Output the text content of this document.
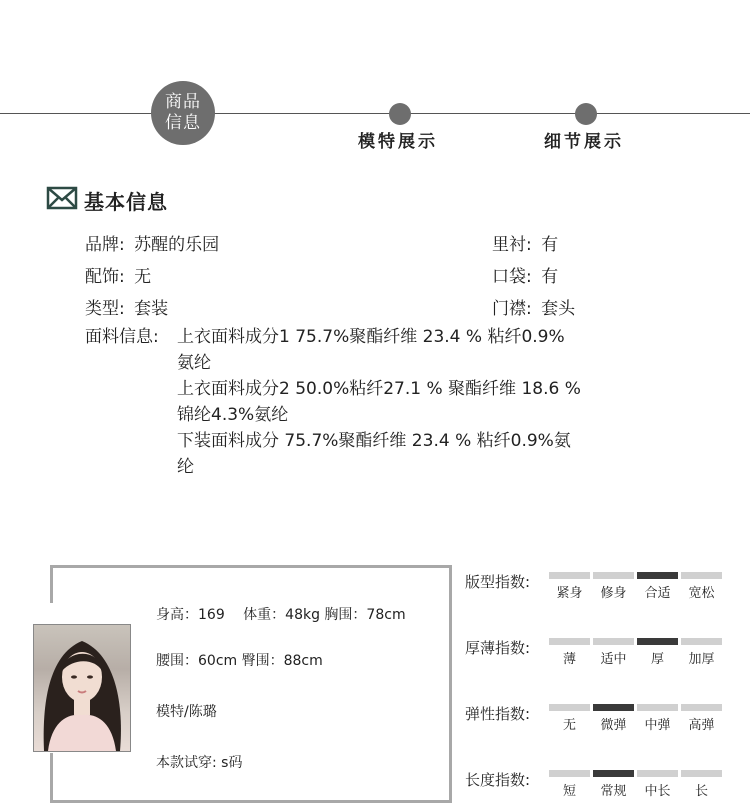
商品信息
模特展示	细节展示
基本信息
品牌: 苏醒的乐园
配饰: 无
类型: 套装
里衬: 有
口袋: 有
门襟: 套头
面料信息:	上衣面料成分1 75.7%聚酯纤维 23.4 % 粘纤0.9%
氨纶
上衣面料成分2 50.0%粘纤27.1 % 聚酯纤维 18.6 %
锦纶4.3%氨纶
下装面料成分 75.7%聚酯纤维 23.4 % 粘纤0.9%氨
纶
身高：169　 体重：48kg 胸围：78cm
腰围：60cm 臀围：88cm
模特/陈璐
本款试穿: s码
版型指数:
紧身	修身	合适	宽松
厚薄指数:
薄	适中	厚	加厚
弹性指数:
无	微弹	中弹	高弹
长度指数:
短	常规	中长	长
